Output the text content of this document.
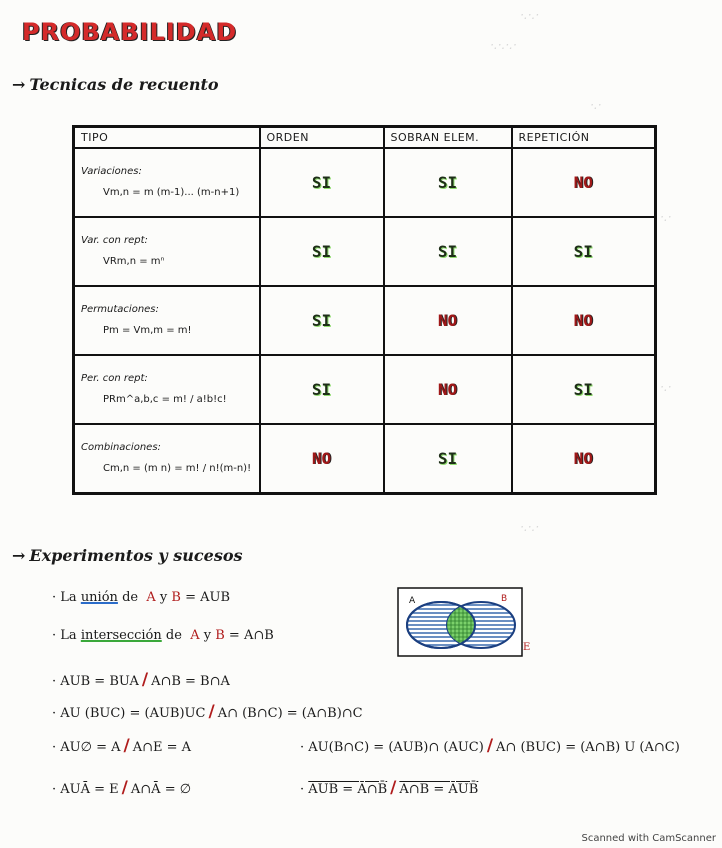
·.·.·
·.·.·.·
·.·
·.·
·.·
·.·.·
PROBABILIDAD
→ Tecnicas de recuento
TIPO	ORDEN	SOBRAN ELEM.	REPETICIÓN

Variaciones:
Vm,n = m (m-1)... (m-n+1)	SI	SI	NO

Var. con rept:
VRm,n = mⁿ	SI	SI	SI

Permutaciones:
Pm = Vm,m = m!	SI	NO	NO

Per. con rept:
PRm^a,b,c = m! / a!b!c!	SI	NO	SI

Combinaciones:
Cm,n = (m n) = m! / n!(m-n)!	NO	SI	NO
→ Experimentos y sucesos
· La unión de A y B = AUB
· La intersección de A y B = A∩B
A	B
E
· AUB = BUA / A∩B = B∩A
· AU (BUC) = (AUB)UC / A∩ (B∩C) = (A∩B)∩C
· AU∅ = A / A∩E = A	· AU(B∩C) = (AUB)∩ (AUC) / A∩ (BUC) = (A∩B) U (A∩C)
· AUĀ = E / A∩Ā = ∅	· AUB = Ā∩B̄ / A∩B = ĀUB̄
Scanned with CamScanner
